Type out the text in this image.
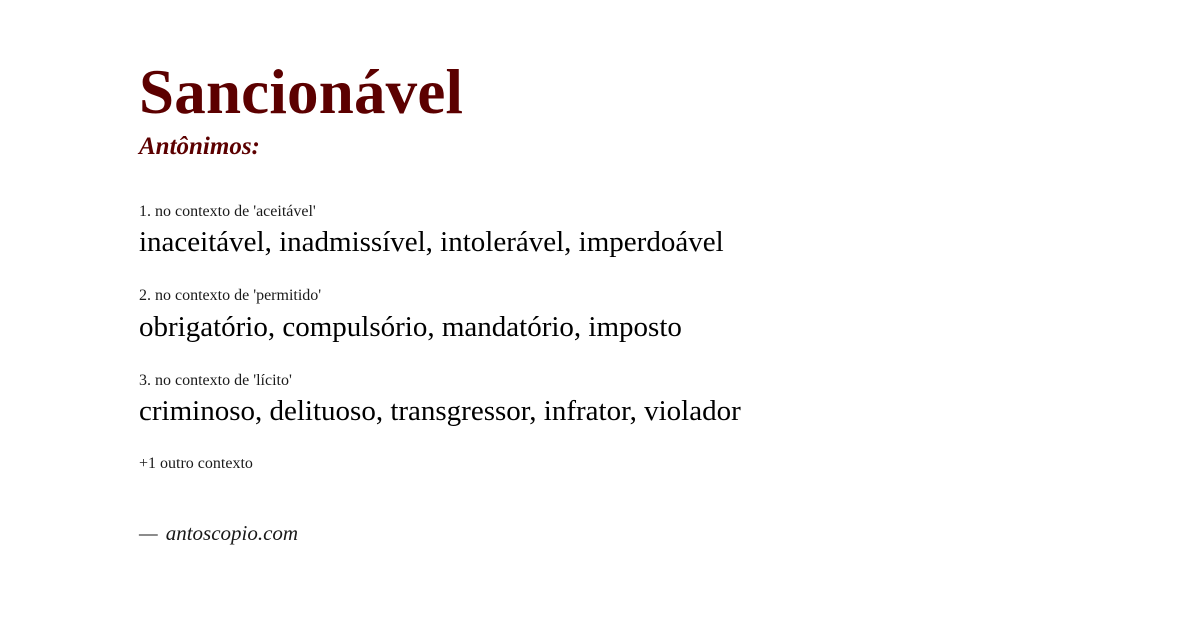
Sancionável
Antônimos:
1. no contexto de 'aceitável'
inaceitável, inadmissível, intolerável, imperdoável
2. no contexto de 'permitido'
obrigatório, compulsório, mandatório, imposto
3. no contexto de 'lícito'
criminoso, delituoso, transgressor, infrator, violador
+1 outro contexto
— antoscopio.com
